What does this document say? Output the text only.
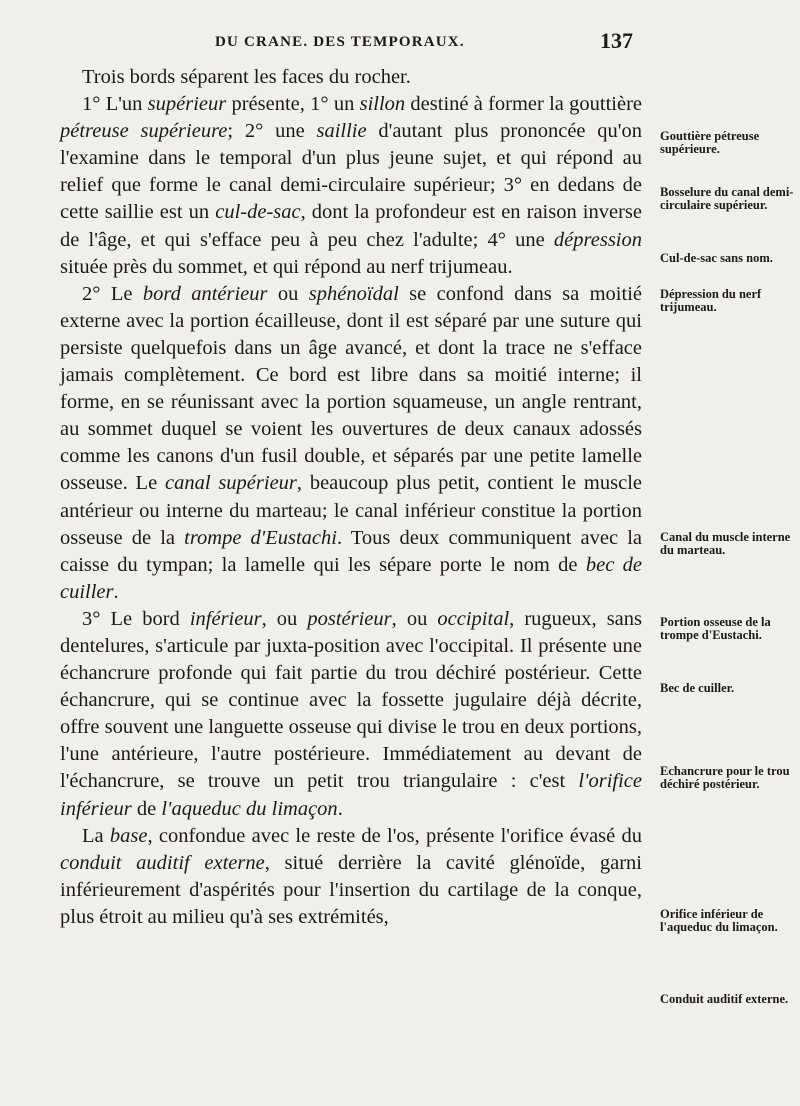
DU CRANE. DES TEMPORAUX.	137

Trois bords séparent les faces du rocher.

1° L'un supérieur présente, 1° un sillon destiné à former la gouttière pétreuse supérieure; 2° une saillie d'autant plus prononcée qu'on l'examine dans le temporal d'un plus jeune sujet, et qui répond au relief que forme le canal demi-circulaire supérieur; 3° en dedans de cette saillie est un cul-de-sac, dont la profondeur est en raison inverse de l'âge, et qui s'efface peu à peu chez l'adulte; 4° une dépression située près du sommet, et qui répond au nerf trijumeau.

2° Le bord antérieur ou sphénoïdal se confond dans sa moitié externe avec la portion écailleuse, dont il est séparé par une suture qui persiste quelquefois dans un âge avancé, et dont la trace ne s'efface jamais complètement. Ce bord est libre dans sa moitié interne; il forme, en se réunissant avec la portion squameuse, un angle rentrant, au sommet duquel se voient les ouvertures de deux canaux adossés comme les canons d'un fusil double, et séparés par une petite lamelle osseuse. Le canal supérieur, beaucoup plus petit, contient le muscle antérieur ou interne du marteau; le canal inférieur constitue la portion osseuse de la trompe d'Eustachi. Tous deux communiquent avec la caisse du tympan; la lamelle qui les sépare porte le nom de bec de cuiller.

3° Le bord inférieur, ou postérieur, ou occipital, rugueux, sans dentelures, s'articule par juxta-position avec l'occipital. Il présente une échancrure profonde qui fait partie du trou déchiré postérieur. Cette échancrure, qui se continue avec la fossette jugulaire déjà décrite, offre souvent une languette osseuse qui divise le trou en deux portions, l'une antérieure, l'autre postérieure. Immédiatement au devant de l'échancrure, se trouve un petit trou triangulaire : c'est l'orifice inférieur de l'aqueduc du limaçon.

La base, confondue avec le reste de l'os, présente l'orifice évasé du conduit auditif externe, situé derrière la cavité glénoïde, garni inférieurement d'aspérités pour l'insertion du cartilage de la conque, plus étroit au milieu qu'à ses extrémités,

Gouttière pétreuse supérieure.
Bosselure du canal demi-circulaire supérieur.
Cul-de-sac sans nom.
Dépression du nerf trijumeau.
Canal du muscle interne du marteau.
Portion osseuse de la trompe d'Eustachi.
Bec de cuiller.
Echancrure pour le trou déchiré postérieur.
Orifice inférieur de l'aqueduc du limaçon.
Conduit auditif externe.
